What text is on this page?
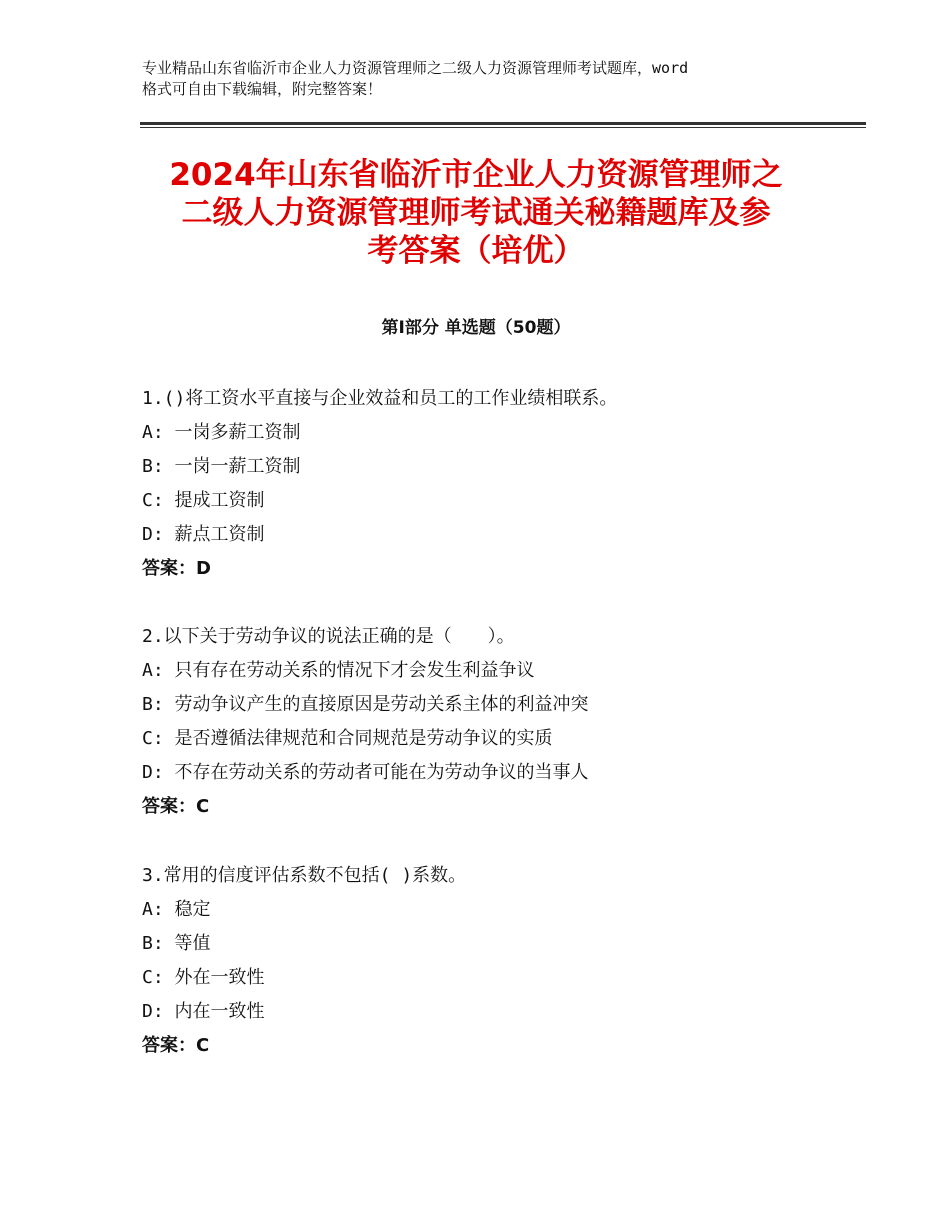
专业精品山东省临沂市企业人力资源管理师之二级人力资源管理师考试题库，word
格式可自由下载编辑，附完整答案！
2024年山东省临沂市企业人力资源管理师之
二级人力资源管理师考试通关秘籍题库及参
考答案（培优）
第Ⅰ部分 单选题（50题）
1.()将工资水平直接与企业效益和员工的工作业绩相联系。
A: 一岗多薪工资制
B: 一岗一薪工资制
C: 提成工资制
D: 薪点工资制
答案：D
2.以下关于劳动争议的说法正确的是（　　）。
A: 只有存在劳动关系的情况下才会发生利益争议
B: 劳动争议产生的直接原因是劳动关系主体的利益冲突
C: 是否遵循法律规范和合同规范是劳动争议的实质
D: 不存在劳动关系的劳动者可能在为劳动争议的当事人
答案：C
3.常用的信度评估系数不包括( )系数。
A: 稳定
B: 等值
C: 外在一致性
D: 内在一致性
答案：C
